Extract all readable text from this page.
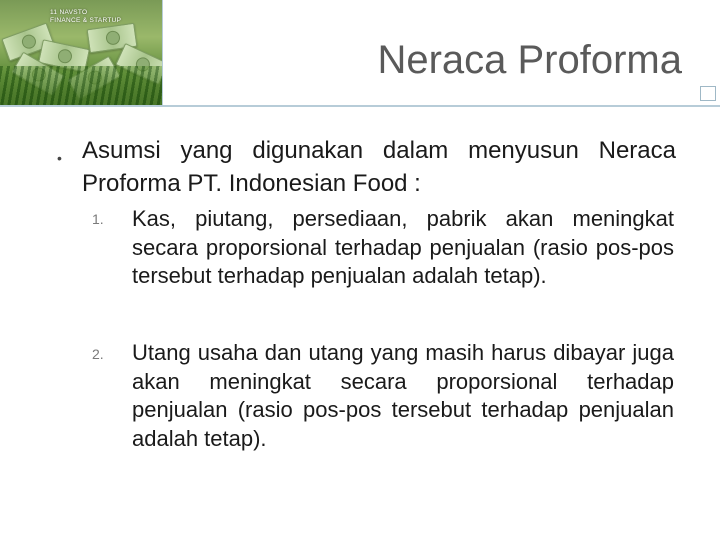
11 NAVSTO
FINANCE & STARTUP
Neraca Proforma
• Asumsi yang digunakan dalam menyusun Neraca Proforma PT. Indonesian Food :

1. Kas, piutang, persediaan, pabrik akan meningkat secara proporsional terhadap penjualan (rasio pos-pos tersebut terhadap penjualan adalah tetap).

2. Utang usaha dan utang yang masih harus dibayar juga akan meningkat secara proporsional terhadap penjualan (rasio pos-pos tersebut terhadap penjualan adalah tetap).
